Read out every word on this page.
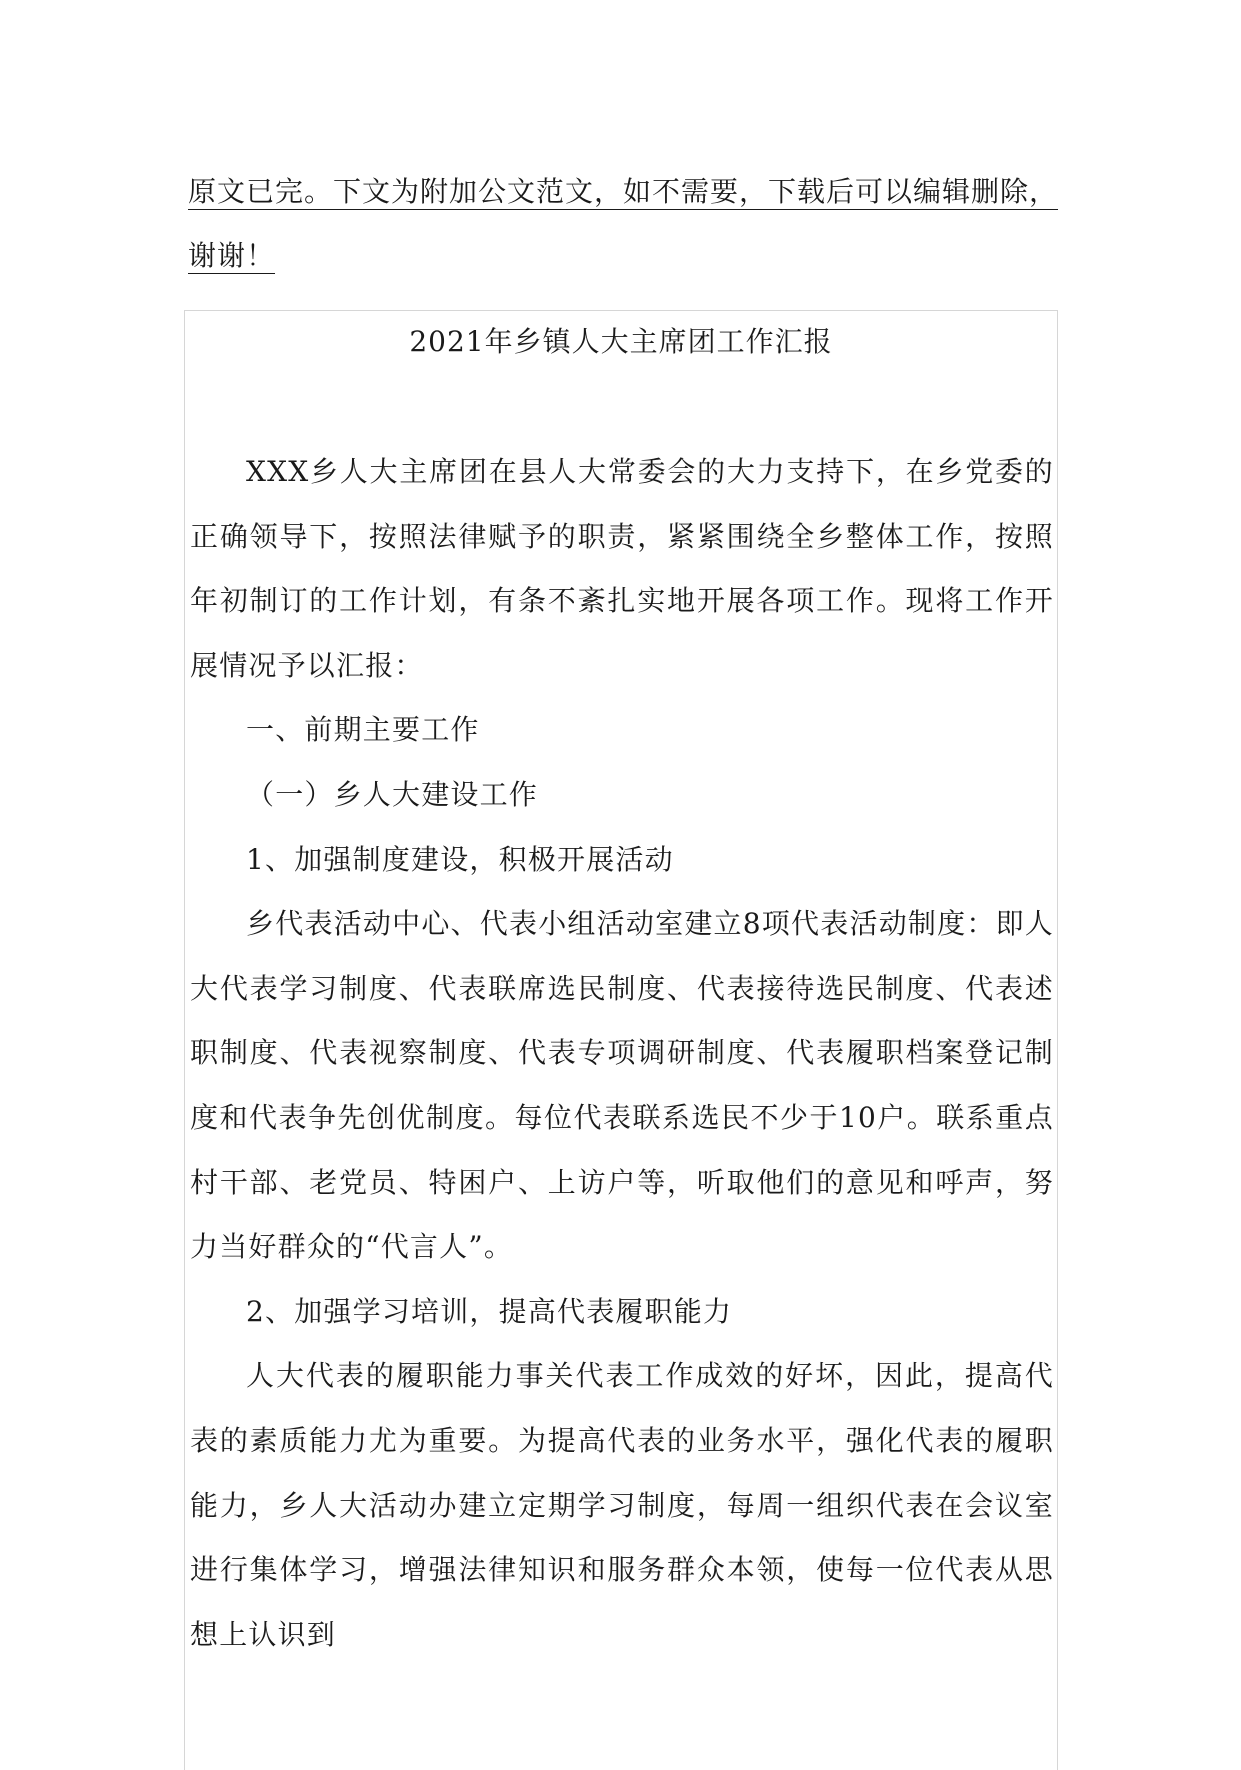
原文已完。下文为附加公文范文，如不需要，下载后可以编辑删除，谢谢！
2021年乡镇人大主席团工作汇报

XXX乡人大主席团在县人大常委会的大力支持下，在乡党委的正确领导下，按照法律赋予的职责，紧紧围绕全乡整体工作，按照年初制订的工作计划，有条不紊扎实地开展各项工作。现将工作开展情况予以汇报：

一、前期主要工作

（一）乡人大建设工作

1、加强制度建设，积极开展活动

乡代表活动中心、代表小组活动室建立8项代表活动制度：即人大代表学习制度、代表联席选民制度、代表接待选民制度、代表述职制度、代表视察制度、代表专项调研制度、代表履职档案登记制度和代表争先创优制度。每位代表联系选民不少于10户。联系重点村干部、老党员、特困户、上访户等，听取他们的意见和呼声，努力当好群众的“代言人”。

2、加强学习培训，提高代表履职能力

人大代表的履职能力事关代表工作成效的好坏，因此，提高代表的素质能力尤为重要。为提高代表的业务水平，强化代表的履职能力，乡人大活动办建立定期学习制度，每周一组织代表在会议室进行集体学习，增强法律知识和服务群众本领，使每一位代表从思想上认识到
